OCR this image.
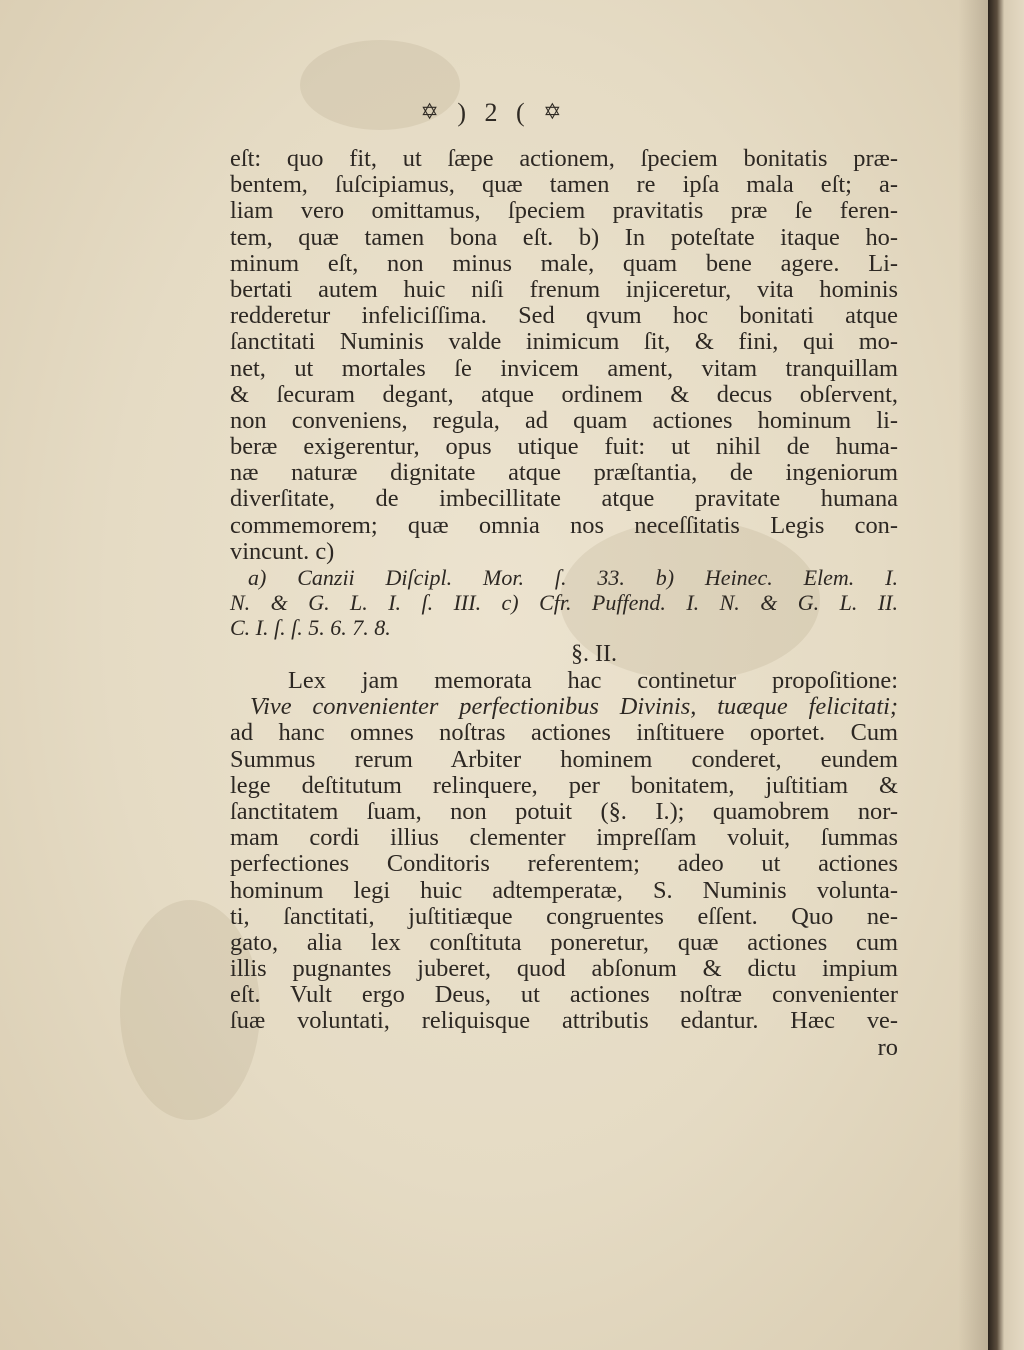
✡ ) 2 ( ✡
eſt: quo fit, ut ſæpe actionem, ſpeciem bonitatis præ-
bentem, ſuſcipiamus, quæ tamen re ipſa mala eſt; a-
liam vero omittamus, ſpeciem pravitatis præ ſe feren-
tem, quæ tamen bona eſt. b) In poteſtate itaque ho-
minum eſt, non minus male, quam bene agere. Li-
bertati autem huic niſi frenum injiceretur, vita hominis
redderetur infeliciſſima. Sed qvum hoc bonitati atque
ſanctitati Numinis valde inimicum ſit, & fini, qui mo-
net, ut mortales ſe invicem ament, vitam tranquillam
& ſecuram degant, atque ordinem & decus obſervent,
non conveniens, regula, ad quam actiones hominum li-
beræ exigerentur, opus utique fuit: ut nihil de huma-
næ naturæ dignitate atque præſtantia, de ingeniorum
diverſitate, de imbecillitate atque pravitate humana
commemorem; quæ omnia nos neceſſitatis Legis con-
vincunt. c)
a) Canzii Diſcipl. Mor. ſ. 33. b) Heinec. Elem. I.
N. & G. L. I. ſ. III. c) Cfr. Puffend. I. N. & G. L. II.
C. I. ſ. ſ. 5. 6. 7. 8.
§. II.
Lex jam memorata hac continetur propoſitione:
Vive convenienter perfectionibus Divinis, tuæque felicitati;
ad hanc omnes noſtras actiones inſtituere oportet. Cum
Summus rerum Arbiter hominem conderet, eundem
lege deſtitutum relinquere, per bonitatem, juſtitiam &
ſanctitatem ſuam, non potuit (§. I.); quamobrem nor-
mam cordi illius clementer impreſſam voluit, ſummas
perfectiones Conditoris referentem; adeo ut actiones
hominum legi huic adtemperatæ, S. Numinis volunta-
ti, ſanctitati, juſtitiæque congruentes eſſent. Quo ne-
gato, alia lex conſtituta poneretur, quæ actiones cum
illis pugnantes juberet, quod abſonum & dictu impium
eſt. Vult ergo Deus, ut actiones noſtræ convenienter
ſuæ voluntati, reliquisque attributis edantur. Hæc ve-
ro
